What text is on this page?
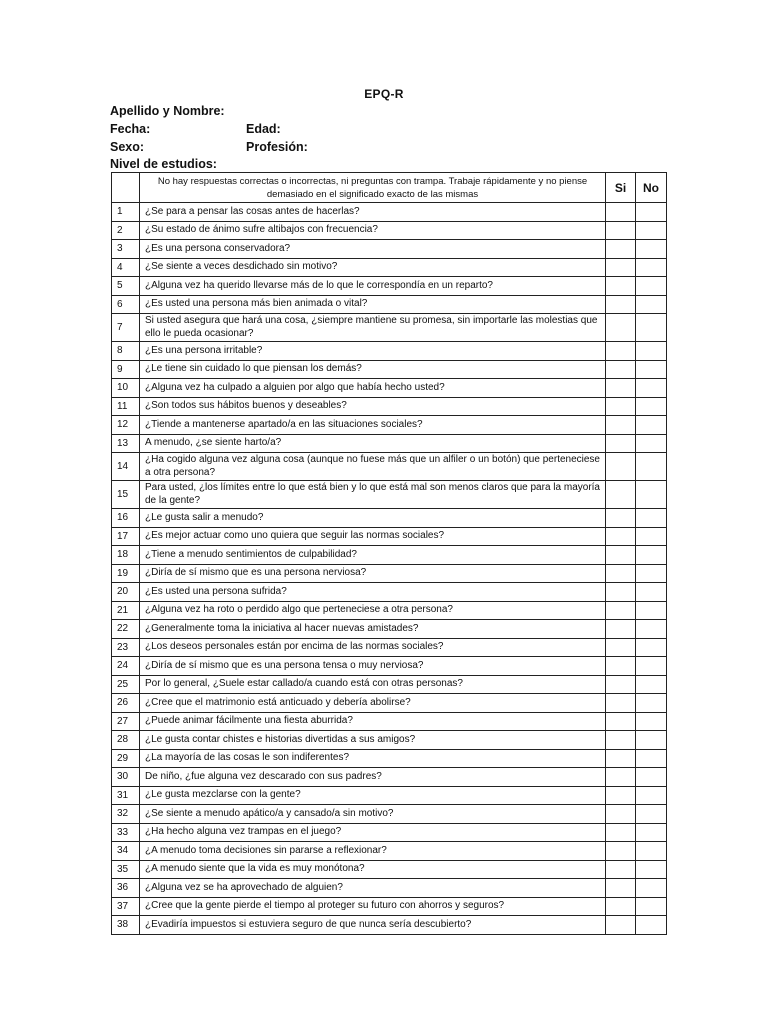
EPQ-R
Apellido y Nombre:
Fecha:	Edad:
Sexo:	Profesión:
Nivel de estudios:
	No hay respuestas correctas o incorrectas, ni preguntas con trampa. Trabaje rápidamente y no piense demasiado en el significado exacto de las mismas	Si	No
1	¿Se para a pensar las cosas antes de hacerlas?		
2	¿Su estado de ánimo sufre altibajos con frecuencia?		
3	¿Es una persona conservadora?		
4	¿Se siente a veces desdichado sin motivo?		
5	¿Alguna vez ha querido llevarse más de lo que le correspondía en un reparto?		
6	¿Es usted una persona más bien animada o vital?		
7	Si usted asegura que hará una cosa, ¿siempre mantiene su promesa, sin importarle las molestias que ello le pueda ocasionar?		
8	¿Es una persona irritable?		
9	¿Le tiene sin cuidado lo que piensan los demás?		
10	¿Alguna vez ha culpado a alguien por algo que había hecho usted?		
11	¿Son todos sus hábitos buenos y deseables?		
12	¿Tiende a mantenerse apartado/a en las situaciones sociales?		
13	A menudo, ¿se siente harto/a?		
14	¿Ha cogido alguna vez alguna cosa (aunque no fuese más que un alfiler o un botón) que perteneciese a otra persona?		
15	Para usted, ¿los límites entre lo que está bien y lo que está mal son menos claros que para la mayoría de la gente?		
16	¿Le gusta salir a menudo?		
17	¿Es mejor actuar como uno quiera que seguir las normas sociales?		
18	¿Tiene a menudo sentimientos de culpabilidad?		
19	¿Diría de sí mismo que es una persona nerviosa?		
20	¿Es usted una persona sufrida?		
21	¿Alguna vez ha roto o perdido algo que perteneciese a otra persona?		
22	¿Generalmente toma la iniciativa al hacer nuevas amistades?		
23	¿Los deseos personales están por encima de las normas sociales?		
24	¿Diría de sí mismo que es una persona tensa o muy nerviosa?		
25	Por lo general, ¿Suele estar callado/a cuando está con otras personas?		
26	¿Cree que el matrimonio está anticuado y debería abolirse?		
27	¿Puede animar fácilmente una fiesta aburrida?		
28	¿Le gusta contar chistes e historias divertidas a sus amigos?		
29	¿La mayoría de las cosas le son indiferentes?		
30	De niño, ¿fue alguna vez descarado con sus padres?		
31	¿Le gusta mezclarse con la gente?		
32	¿Se siente a menudo apático/a y cansado/a sin motivo?		
33	¿Ha hecho alguna vez trampas en el juego?		
34	¿A menudo toma decisiones sin pararse a reflexionar?		
35	¿A menudo siente que la vida es muy monótona?		
36	¿Alguna vez se ha aprovechado de alguien?		
37	¿Cree que la gente pierde el tiempo al proteger su futuro con ahorros y seguros?		
38	¿Evadiría impuestos si estuviera seguro de que nunca sería descubierto?		
